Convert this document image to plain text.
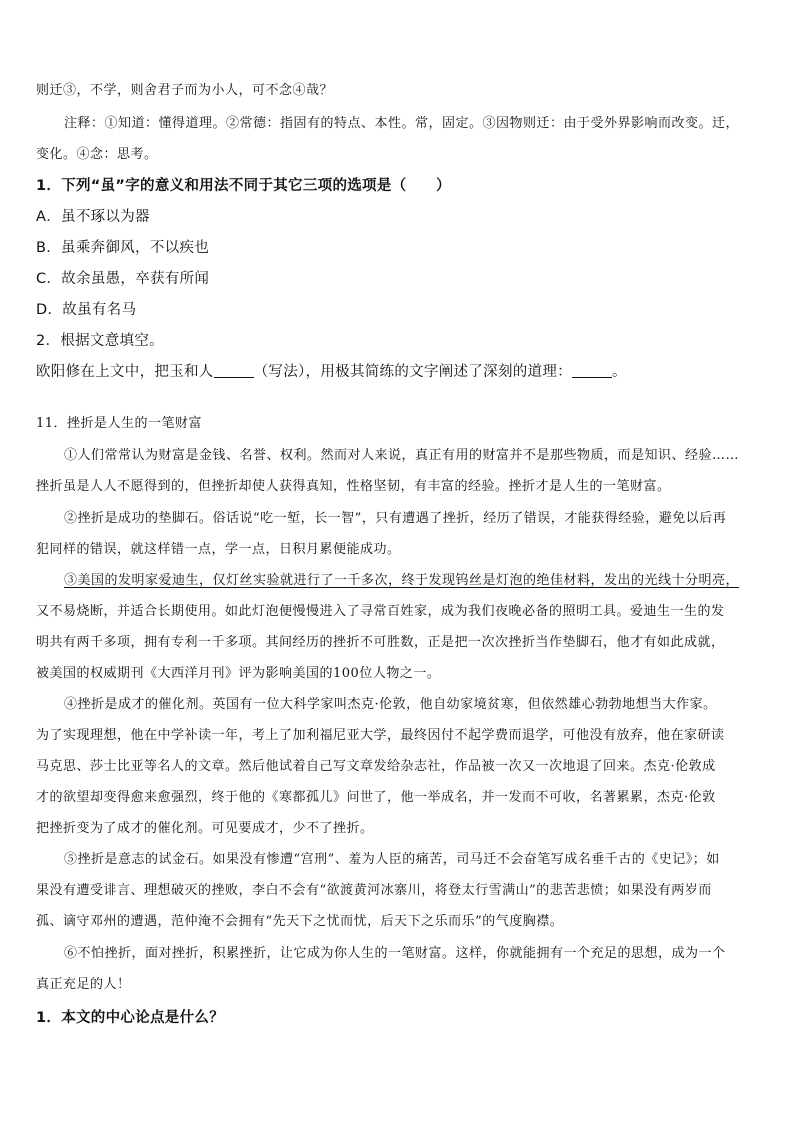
则迁③，不学，则舍君子而为小人，可不念④哉？
注释：①知道：懂得道理。②常德：指固有的特点、本性。常，固定。③因物则迁：由于受外界影响而改变。迁，
变化。④念：思考。
1．下列“虽”字的意义和用法不同于其它三项的选项是（　　）
A．虽不琢以为器
B．虽乘奔御风，不以疾也
C．故余虽愚，卒获有所闻
D．故虽有名马
2．根据文意填空。
欧阳修在上文中，把玉和人	（写法），用极其简练的文字阐述了深刻的道理：	。
11．挫折是人生的一笔财富
①人们常常认为财富是金钱、名誉、权利。然而对人来说，真正有用的财富并不是那些物质，而是知识、经验……
挫折虽是人人不愿得到的，但挫折却使人获得真知，性格坚韧，有丰富的经验。挫折才是人生的一笔财富。
②挫折是成功的垫脚石。俗话说“吃一堑，长一智”，只有遭遇了挫折，经历了错误，才能获得经验，避免以后再
犯同样的错误，就这样错一点，学一点，日积月累便能成功。
③美国的发明家爱迪生，仅灯丝实验就进行了一千多次，终于发现钨丝是灯泡的绝佳材料，发出的光线十分明亮，
又不易烧断，并适合长期使用。如此灯泡便慢慢进入了寻常百姓家，成为我们夜晚必备的照明工具。爱迪生一生的发
明共有两千多项，拥有专利一千多项。其间经历的挫折不可胜数，正是把一次次挫折当作垫脚石，他才有如此成就，
被美国的权威期刊《大西洋月刊》评为影响美国的100位人物之一。
④挫折是成才的催化剂。英国有一位大科学家叫杰克·伦敦，他自幼家境贫寒，但依然雄心勃勃地想当大作家。
为了实现理想，他在中学补读一年，考上了加利福尼亚大学，最终因付不起学费而退学，可他没有放弃，他在家研读
马克思、莎士比亚等名人的文章。然后他试着自己写文章发给杂志社，作品被一次又一次地退了回来。杰克·伦敦成
才的欲望却变得愈来愈强烈，终于他的《寒都孤儿》问世了，他一举成名，并一发而不可收，名著累累，杰克·伦敦
把挫折变为了成才的催化剂。可见要成才，少不了挫折。
⑤挫折是意志的试金石。如果没有惨遭“宫刑”、羞为人臣的痛苦，司马迁不会奋笔写成名垂千古的《史记》；如
果没有遭受诽言、理想破灭的挫败，李白不会有“欲渡黄河冰寨川，将登太行雪满山”的悲苦悲愤；如果没有两岁而
孤、谪守邓州的遭遇，范仲淹不会拥有“先天下之忧而忧，后天下之乐而乐”的气度胸襟。
⑥不怕挫折，面对挫折，积累挫折，让它成为你人生的一笔财富。这样，你就能拥有一个充足的思想，成为一个
真正充足的人！
1．本文的中心论点是什么？
